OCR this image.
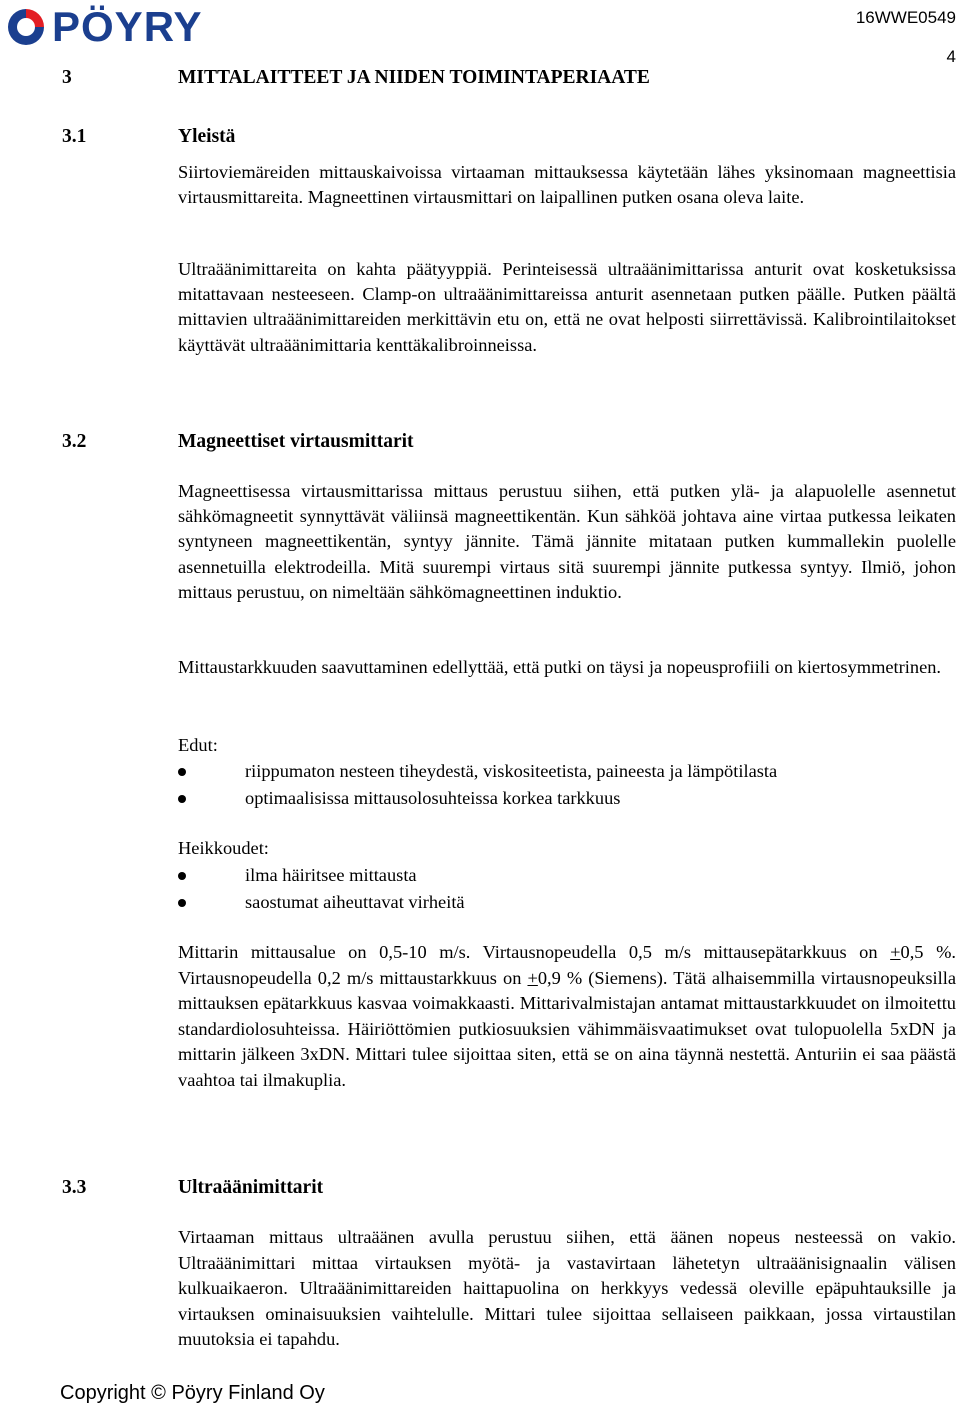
PÖYRY	16WWE0549
4
3	MITTALAITTEET JA NIIDEN TOIMINTAPERIAATE
3.1	Yleistä

Siirtoviemäreiden mittauskaivoissa virtaaman mittauksessa käytetään lähes yksinomaan magneettisia virtausmittareita. Magneettinen virtausmittari on laipallinen putken osana oleva laite.

Ultraäänimittareita on kahta päätyyppiä. Perinteisessä ultraäänimittarissa anturit ovat kosketuksissa mitattavaan nesteeseen. Clamp-on ultraäänimittareissa anturit asennetaan putken päälle. Putken päältä mittavien ultraäänimittareiden merkittävin etu on, että ne ovat helposti siirrettävissä. Kalibrointilaitokset käyttävät ultraäänimittaria kenttäkalibroinneissa.

3.2	Magneettiset virtausmittarit

Magneettisessa virtausmittarissa mittaus perustuu siihen, että putken ylä- ja alapuolelle asennetut sähkömagneetit synnyttävät väliinsä magneettikentän. Kun sähköä johtava aine virtaa putkessa leikaten syntyneen magneettikentän, syntyy jännite. Tämä jännite mitataan putken kummallekin puolelle asennetuilla elektrodeilla. Mitä suurempi virtaus sitä suurempi jännite putkessa syntyy. Ilmiö, johon mittaus perustuu, on nimeltään sähkömagneettinen induktio.

Mittaustarkkuuden saavuttaminen edellyttää, että putki on täysi ja nopeusprofiili on kiertosymmetrinen.

Edut:
riippumaton nesteen tiheydestä, viskositeetista, paineesta ja lämpötilasta
optimaalisissa mittausolosuhteissa korkea tarkkuus
Heikkoudet:
ilma häiritsee mittausta
saostumat aiheuttavat virheitä

Mittarin mittausalue on 0,5-10 m/s. Virtausnopeudella 0,5 m/s mittausepätarkkuus on +0,5 %. Virtausnopeudella 0,2 m/s mittaustarkkuus on +0,9 % (Siemens). Tätä alhaisemmilla virtausnopeuksilla mittauksen epätarkkuus kasvaa voimakkaasti. Mittarivalmistajan antamat mittaustarkkuudet on ilmoitettu standardiolosuhteissa. Häiriöttömien putkiosuuksien vähimmäisvaatimukset ovat tulopuolella 5xDN ja mittarin jälkeen 3xDN. Mittari tulee sijoittaa siten, että se on aina täynnä nestettä. Anturiin ei saa päästä vaahtoa tai ilmakuplia.

3.3	Ultraäänimittarit

Virtaaman mittaus ultraäänen avulla perustuu siihen, että äänen nopeus nesteessä on vakio. Ultraäänimittari mittaa virtauksen myötä- ja vastavirtaan lähetetyn ultraäänisignaalin välisen kulkuaikaeron. Ultraäänimittareiden haittapuolina on herkkyys vedessä oleville epäpuhtauksille ja virtauksen ominaisuuksien vaihtelulle. Mittari tulee sijoittaa sellaiseen paikkaan, jossa virtaustilan muutoksia ei tapahdu.

Copyright © Pöyry Finland Oy
